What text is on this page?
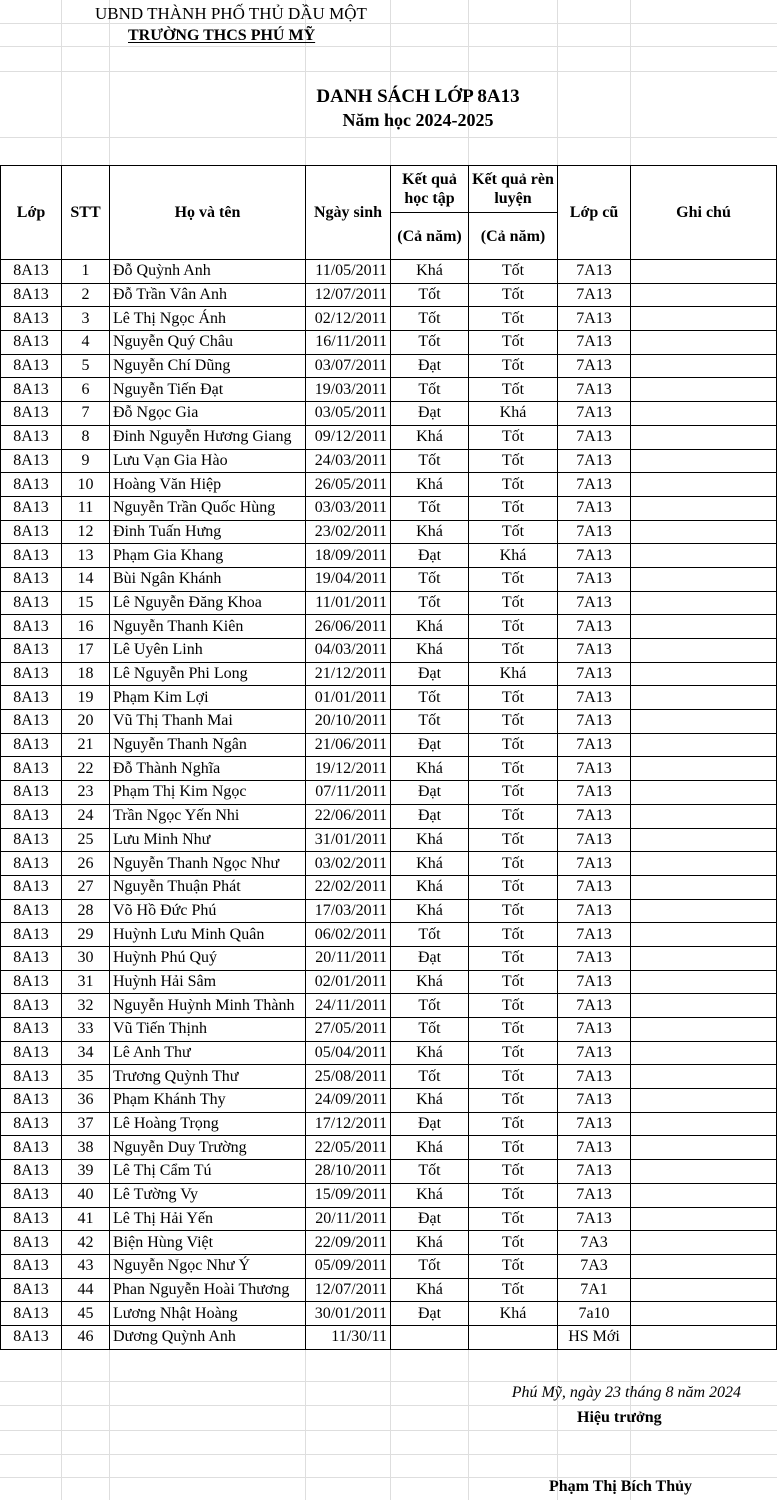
UBND THÀNH PHỐ THỦ DẦU MỘT
TRƯỜNG THCS PHÚ MỸ
DANH SÁCH LỚP 8A13
Năm học 2024-2025
Lớp	STT	Họ và tên	Ngày sinh	Kết quả học tập	Kết quả rèn luyện	Lớp cũ	Ghi chú
				(Cả năm)	(Cả năm)		
8A13	1	Đỗ Quỳnh Anh	11/05/2011	Khá	Tốt	7A13	
8A13	2	Đỗ Trần Vân Anh	12/07/2011	Tốt	Tốt	7A13	
8A13	3	Lê Thị Ngọc Ánh	02/12/2011	Tốt	Tốt	7A13	
8A13	4	Nguyễn Quý Châu	16/11/2011	Tốt	Tốt	7A13	
8A13	5	Nguyễn Chí Dũng	03/07/2011	Đạt	Tốt	7A13	
8A13	6	Nguyễn Tiến Đạt	19/03/2011	Tốt	Tốt	7A13	
8A13	7	Đỗ Ngọc Gia	03/05/2011	Đạt	Khá	7A13	
8A13	8	Đinh Nguyễn Hương Giang	09/12/2011	Khá	Tốt	7A13	
8A13	9	Lưu Vạn Gia Hào	24/03/2011	Tốt	Tốt	7A13	
8A13	10	Hoàng Văn Hiệp	26/05/2011	Khá	Tốt	7A13	
8A13	11	Nguyễn Trần Quốc Hùng	03/03/2011	Tốt	Tốt	7A13	
8A13	12	Đinh Tuấn Hưng	23/02/2011	Khá	Tốt	7A13	
8A13	13	Phạm Gia Khang	18/09/2011	Đạt	Khá	7A13	
8A13	14	Bùi Ngân Khánh	19/04/2011	Tốt	Tốt	7A13	
8A13	15	Lê Nguyễn Đăng Khoa	11/01/2011	Tốt	Tốt	7A13	
8A13	16	Nguyễn Thanh Kiên	26/06/2011	Khá	Tốt	7A13	
8A13	17	Lê Uyên Linh	04/03/2011	Khá	Tốt	7A13	
8A13	18	Lê Nguyễn Phi Long	21/12/2011	Đạt	Khá	7A13	
8A13	19	Phạm Kim Lợi	01/01/2011	Tốt	Tốt	7A13	
8A13	20	Vũ Thị Thanh Mai	20/10/2011	Tốt	Tốt	7A13	
8A13	21	Nguyễn Thanh Ngân	21/06/2011	Đạt	Tốt	7A13	
8A13	22	Đỗ Thành Nghĩa	19/12/2011	Khá	Tốt	7A13	
8A13	23	Phạm Thị Kim Ngọc	07/11/2011	Đạt	Tốt	7A13	
8A13	24	Trần Ngọc Yến Nhi	22/06/2011	Đạt	Tốt	7A13	
8A13	25	Lưu Minh Như	31/01/2011	Khá	Tốt	7A13	
8A13	26	Nguyễn Thanh Ngọc Như	03/02/2011	Khá	Tốt	7A13	
8A13	27	Nguyễn Thuận Phát	22/02/2011	Khá	Tốt	7A13	
8A13	28	Võ Hồ Đức Phú	17/03/2011	Khá	Tốt	7A13	
8A13	29	Huỳnh Lưu Minh Quân	06/02/2011	Tốt	Tốt	7A13	
8A13	30	Huỳnh Phú Quý	20/11/2011	Đạt	Tốt	7A13	
8A13	31	Huỳnh Hải Sâm	02/01/2011	Khá	Tốt	7A13	
8A13	32	Nguyễn Huỳnh Minh Thành	24/11/2011	Tốt	Tốt	7A13	
8A13	33	Vũ Tiến Thịnh	27/05/2011	Tốt	Tốt	7A13	
8A13	34	Lê Anh Thư	05/04/2011	Khá	Tốt	7A13	
8A13	35	Trương Quỳnh Thư	25/08/2011	Tốt	Tốt	7A13	
8A13	36	Phạm Khánh Thy	24/09/2011	Khá	Tốt	7A13	
8A13	37	Lê Hoàng Trọng	17/12/2011	Đạt	Tốt	7A13	
8A13	38	Nguyễn Duy Trường	22/05/2011	Khá	Tốt	7A13	
8A13	39	Lê Thị Cẩm Tú	28/10/2011	Tốt	Tốt	7A13	
8A13	40	Lê Tường Vy	15/09/2011	Khá	Tốt	7A13	
8A13	41	Lê Thị Hải Yến	20/11/2011	Đạt	Tốt	7A13	
8A13	42	Biện Hùng Việt	22/09/2011	Khá	Tốt	7A3	
8A13	43	Nguyễn Ngọc Như Ý	05/09/2011	Tốt	Tốt	7A3	
8A13	44	Phan Nguyễn Hoài Thương	12/07/2011	Khá	Tốt	7A1	
8A13	45	Lương Nhật Hoàng	30/01/2011	Đạt	Khá	7a10	
8A13	46	Dương Quỳnh Anh	11/30/11			HS Mới	
Phú Mỹ, ngày 23 tháng 8 năm 2024
Hiệu trưởng
Phạm Thị Bích Thủy
